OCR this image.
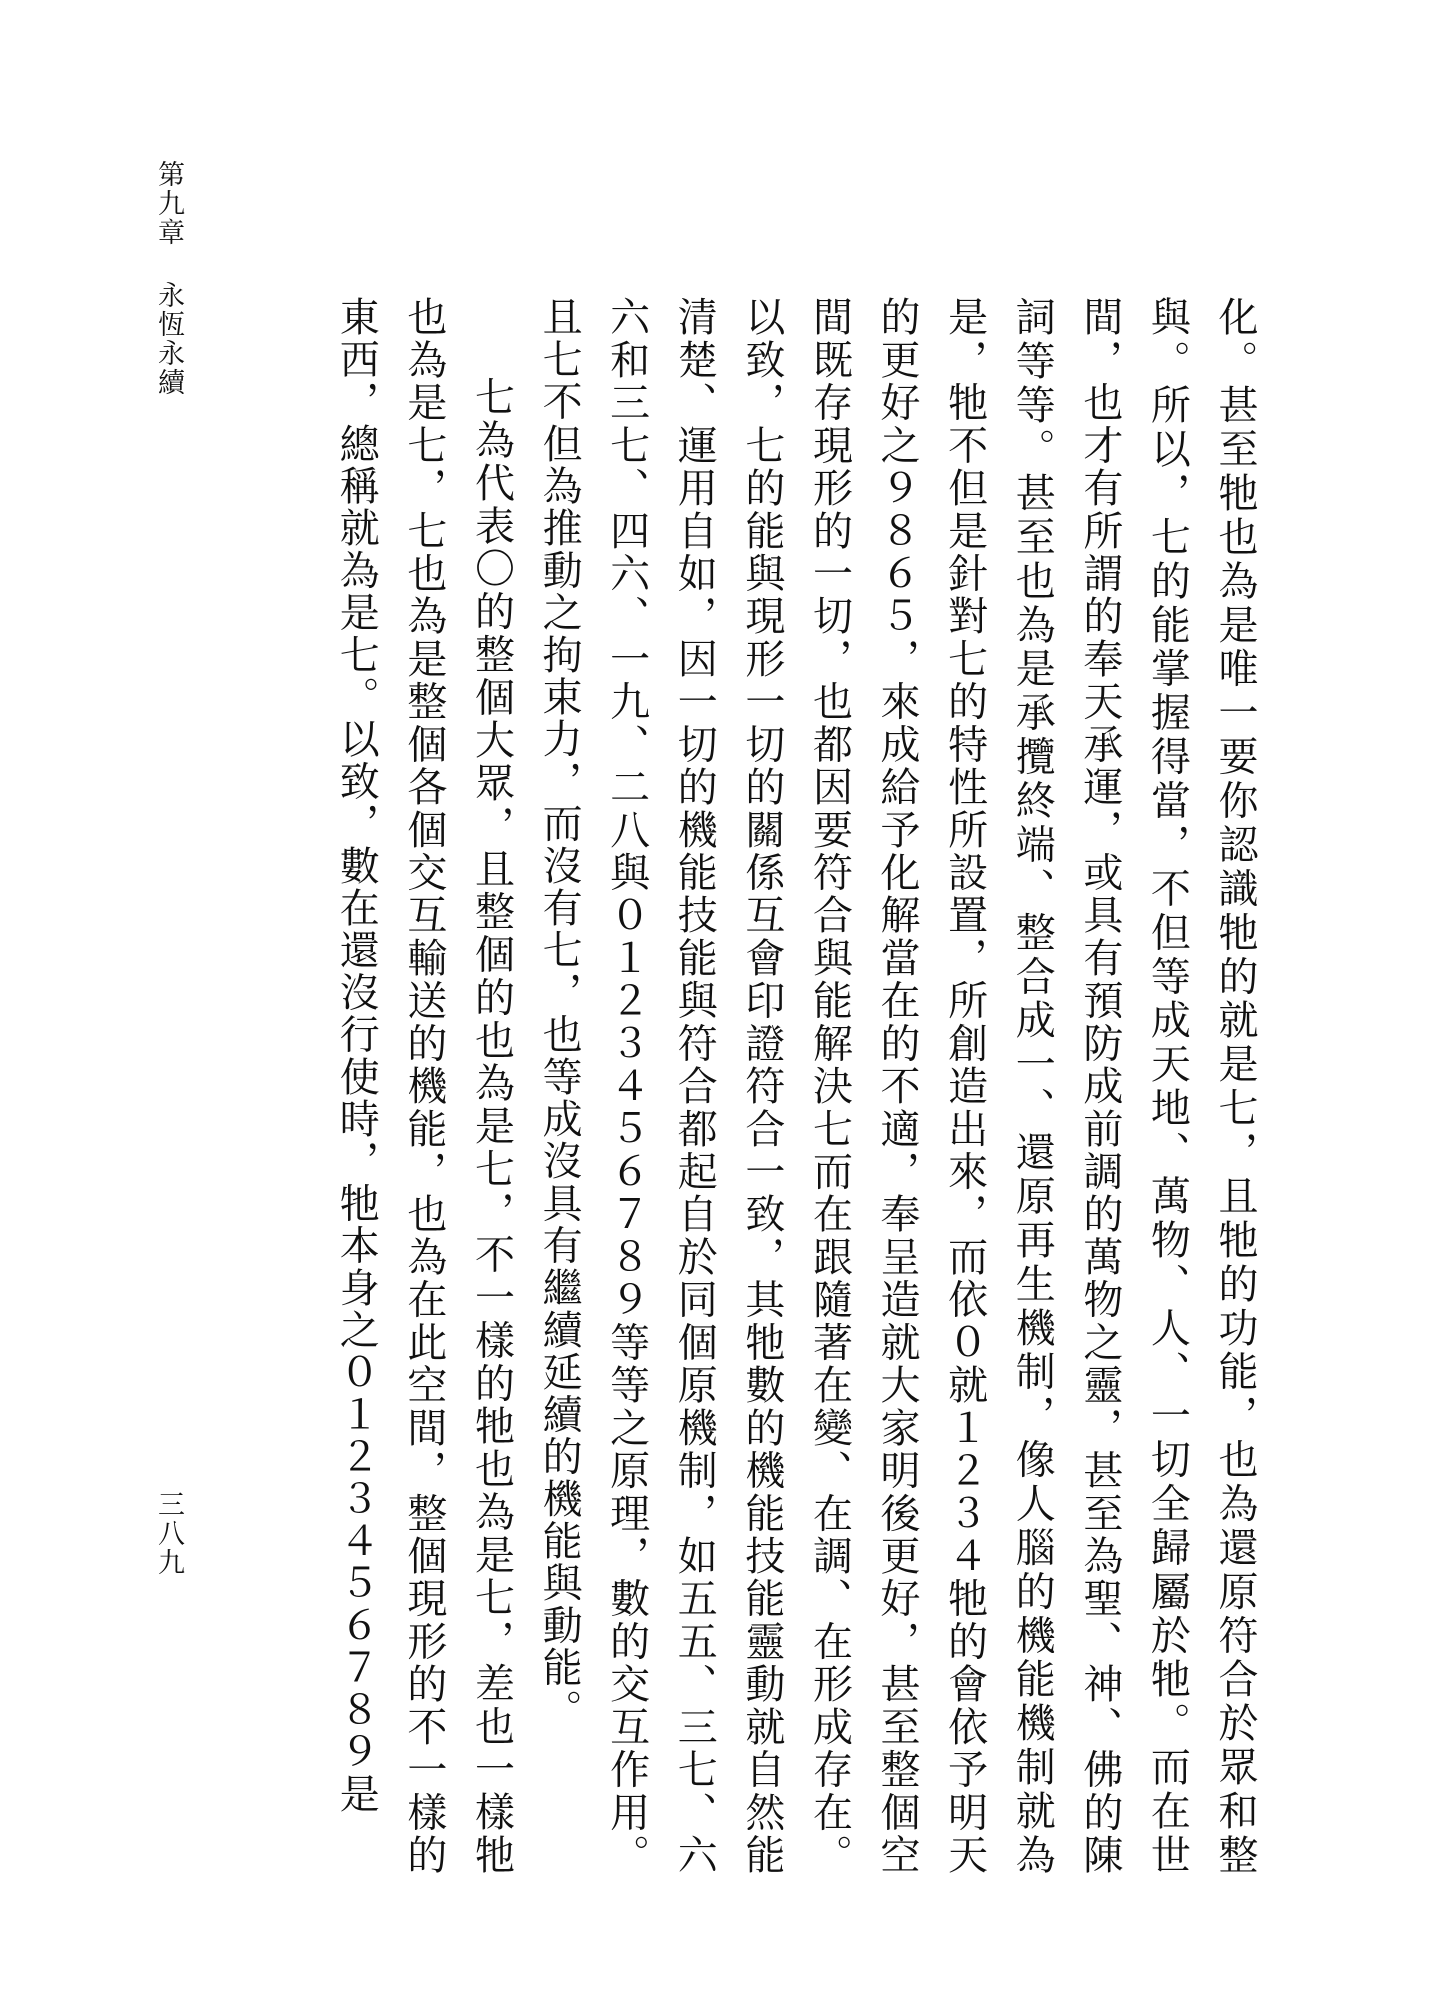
第九章永恆永續
三八九	化。甚至牠也為是唯一要你認識牠的就是七，且牠的功能，也為還原符合於眾和整與。所以，七的能掌握得當，不但等成天地、萬物、人、一切全歸屬於牠。而在世間，也才有所謂的奉天承運，或具有預防成前調的萬物之靈，甚至為聖、神、佛的陳詞等等。甚至也為是承攬終端、整合成一、還原再生機制，像人腦的機能機制就為是，牠不但是針對七的特性所設置，所創造出來，而依０就１２３４牠的會依予明天的更好之９８６５，來成給予化解當在的不適，奉呈造就大家明後更好，甚至整個空間既存現形的一切，也都因要符合與能解決七而在跟隨著在變、在調、在形成存在。以致，七的能與現形一切的關係互會印證符合一致，其牠數的機能技能靈動就自然能清楚、運用自如，因一切的機能技能與符合都起自於同個原機制，如五五、三七、六六和三七、四六、一九、二八與０１２３４５６７８９等等之原理，數的交互作用。且七不但為推動之拘束力，而沒有七，也等成沒具有繼續延續的機能與動能。

七為代表〇的整個大眾，且整個的也為是七，不一樣的牠也為是七，差也一樣牠也為是七，七也為是整個各個交互輸送的機能，也為在此空間，整個現形的不一樣的東西，總稱就為是七。以致，數在還沒行使時，牠本身之０１２３４５６７８９是
